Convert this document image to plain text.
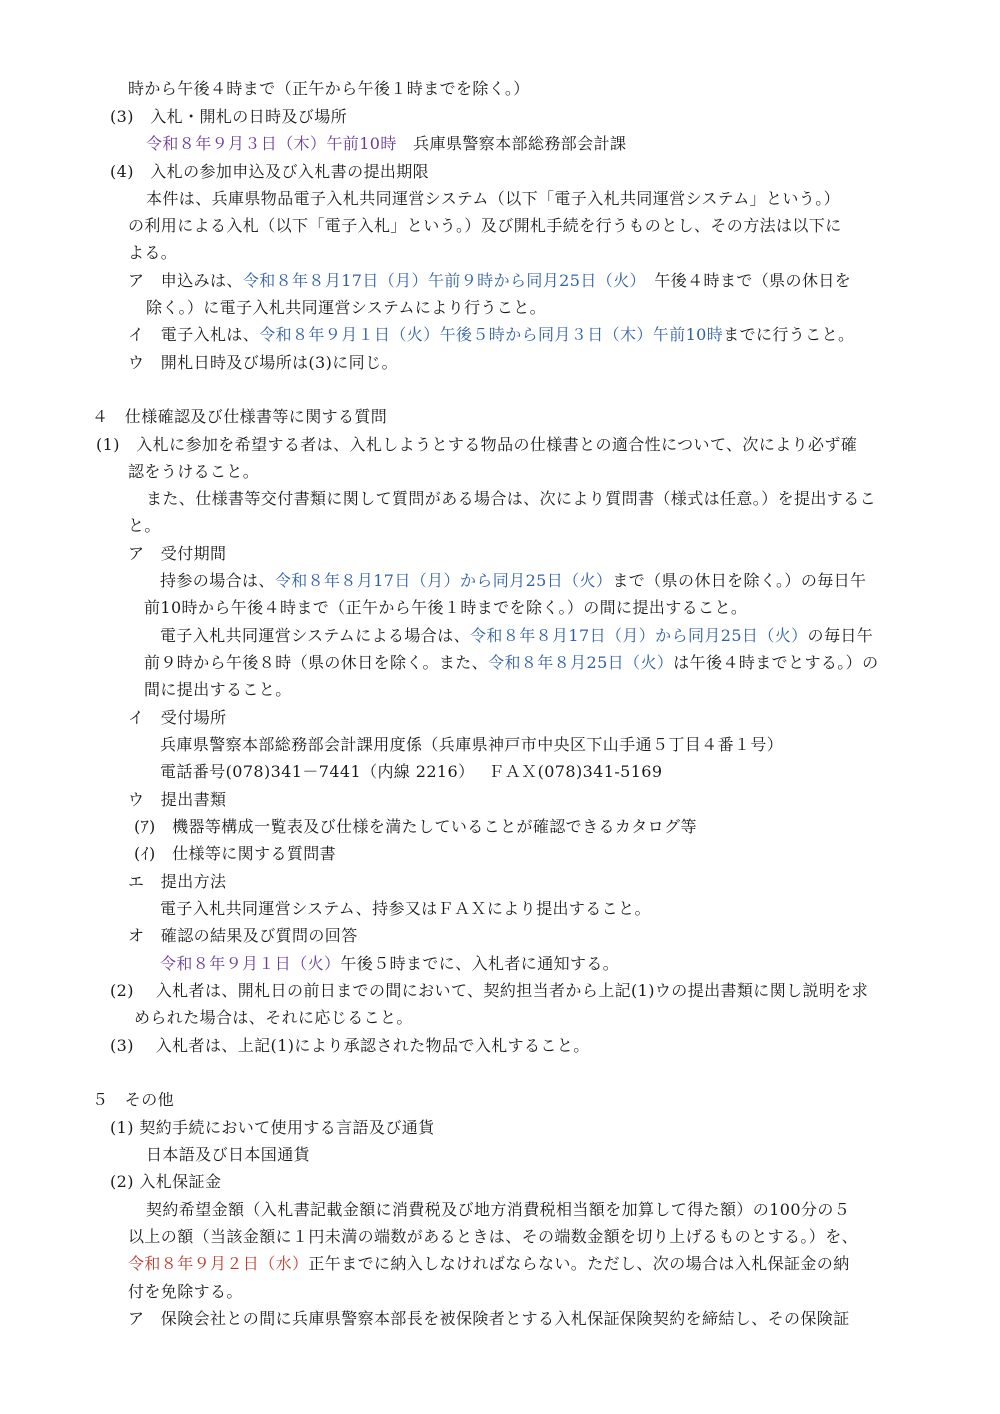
時から午後４時まで（正午から午後１時までを除く。）
(3)　入札・開札の日時及び場所
令和８年９月３日（木）午前10時　兵庫県警察本部総務部会計課
(4)　入札の参加申込及び入札書の提出期限
本件は、兵庫県物品電子入札共同運営システム（以下「電子入札共同運営システム」という。）
の利用による入札（以下「電子入札」という。）及び開札手続を行うものとし、その方法は以下に
よる。
ア　申込みは、令和８年８月17日（月）午前９時から同月25日（火）　午後４時まで（県の休日を
除く。）に電子入札共同運営システムにより行うこと。
イ　電子入札は、令和８年９月１日（火）午後５時から同月３日（木）午前10時までに行うこと。
ウ　開札日時及び場所は(3)に同じ。
４　仕様確認及び仕様書等に関する質問
(1)　入札に参加を希望する者は、入札しようとする物品の仕様書との適合性について、次により必ず確
認をうけること。
また、仕様書等交付書類に関して質問がある場合は、次により質問書（様式は任意。）を提出するこ
と。
ア　受付期間
持参の場合は、令和８年８月17日（月）から同月25日（火）まで（県の休日を除く。）の毎日午
前10時から午後４時まで（正午から午後１時までを除く。）の間に提出すること。
電子入札共同運営システムによる場合は、令和８年８月17日（月）から同月25日（火）の毎日午
前９時から午後８時（県の休日を除く。また、令和８年８月25日（火）は午後４時までとする。）の
間に提出すること。
イ　受付場所
兵庫県警察本部総務部会計課用度係（兵庫県神戸市中央区下山手通５丁目４番１号）
電話番号(078)341－7441（内線 2216）　 ＦＡＸ(078)341-5169
ウ　提出書類
(ｱ)　機器等構成一覧表及び仕様を満たしていることが確認できるカタログ等
(ｲ)　仕様等に関する質問書
エ　提出方法
電子入札共同運営システム、持参又はＦＡＸにより提出すること。
オ　確認の結果及び質問の回答
令和８年９月１日（火）午後５時までに、入札者に通知する。
(2)　 入札者は、開札日の前日までの間において、契約担当者から上記(1)ウの提出書類に関し説明を求
められた場合は、それに応じること。
(3)　 入札者は、上記(1)により承認された物品で入札すること。
５　その他
(1) 契約手続において使用する言語及び通貨
日本語及び日本国通貨
(2) 入札保証金
契約希望金額（入札書記載金額に消費税及び地方消費税相当額を加算して得た額）の100分の５
以上の額（当該金額に１円未満の端数があるときは、その端数金額を切り上げるものとする。）を、
令和８年９月２日（水）正午までに納入しなければならない。ただし、次の場合は入札保証金の納
付を免除する。
ア　保険会社との間に兵庫県警察本部長を被保険者とする入札保証保険契約を締結し、その保険証
